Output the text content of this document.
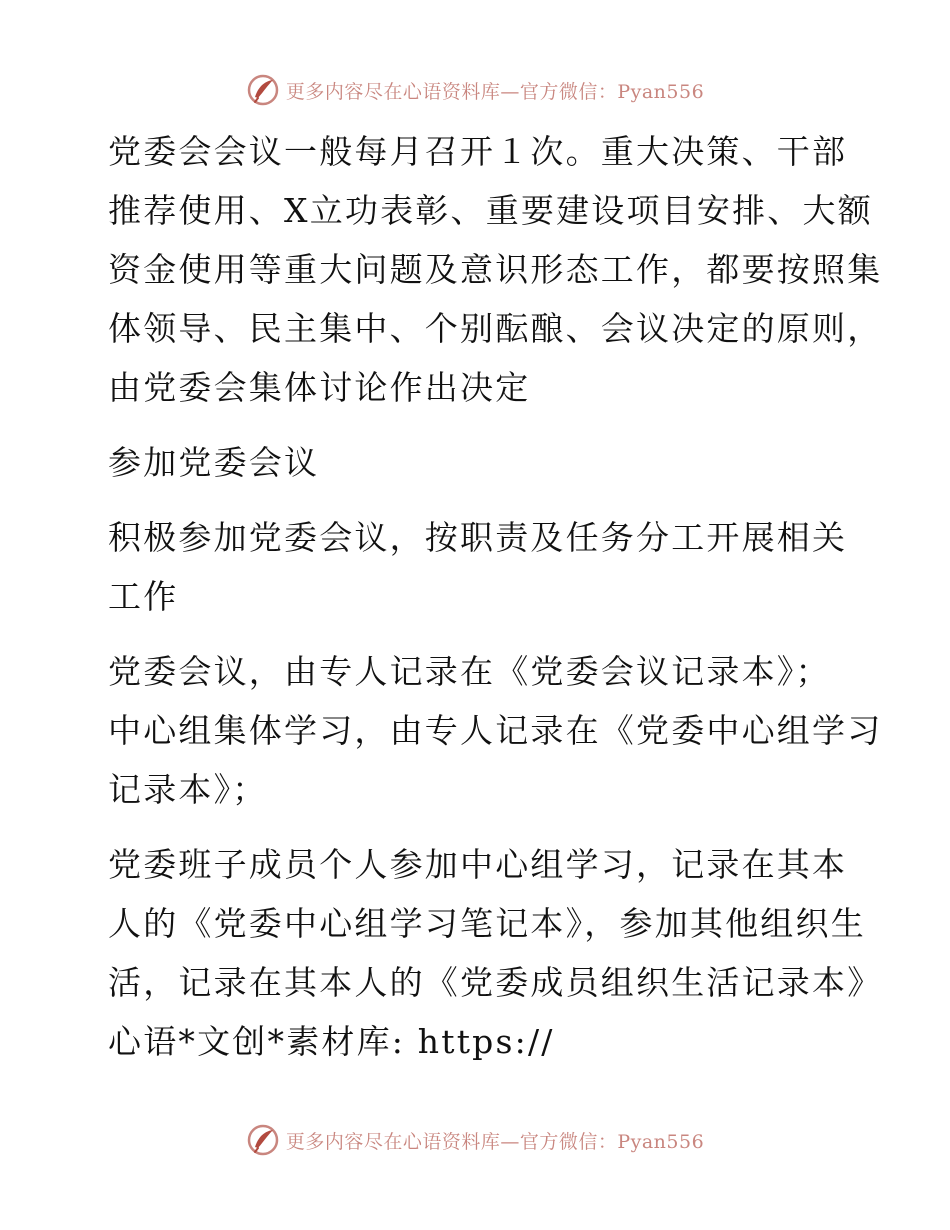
更多内容尽在心语资料库—官方微信：Pyan556

党委会会议一般每月召开１次。重大决策、干部
推荐使用、X立功表彰、重要建设项目安排、大额
资金使用等重大问题及意识形态工作，都要按照集
体领导、民主集中、个别酝酿、会议决定的原则，
由党委会集体讨论作出决定

参加党委会议

积极参加党委会议，按职责及任务分工开展相关
工作

党委会议，由专人记录在《党委会议记录本》；
中心组集体学习，由专人记录在《党委中心组学习
记录本》；

党委班子成员个人参加中心组学习，记录在其本
人的《党委中心组学习笔记本》，参加其他组织生
活，记录在其本人的《党委成员组织生活记录本》
心语*文创*素材库: https://

更多内容尽在心语资料库—官方微信：Pyan556
